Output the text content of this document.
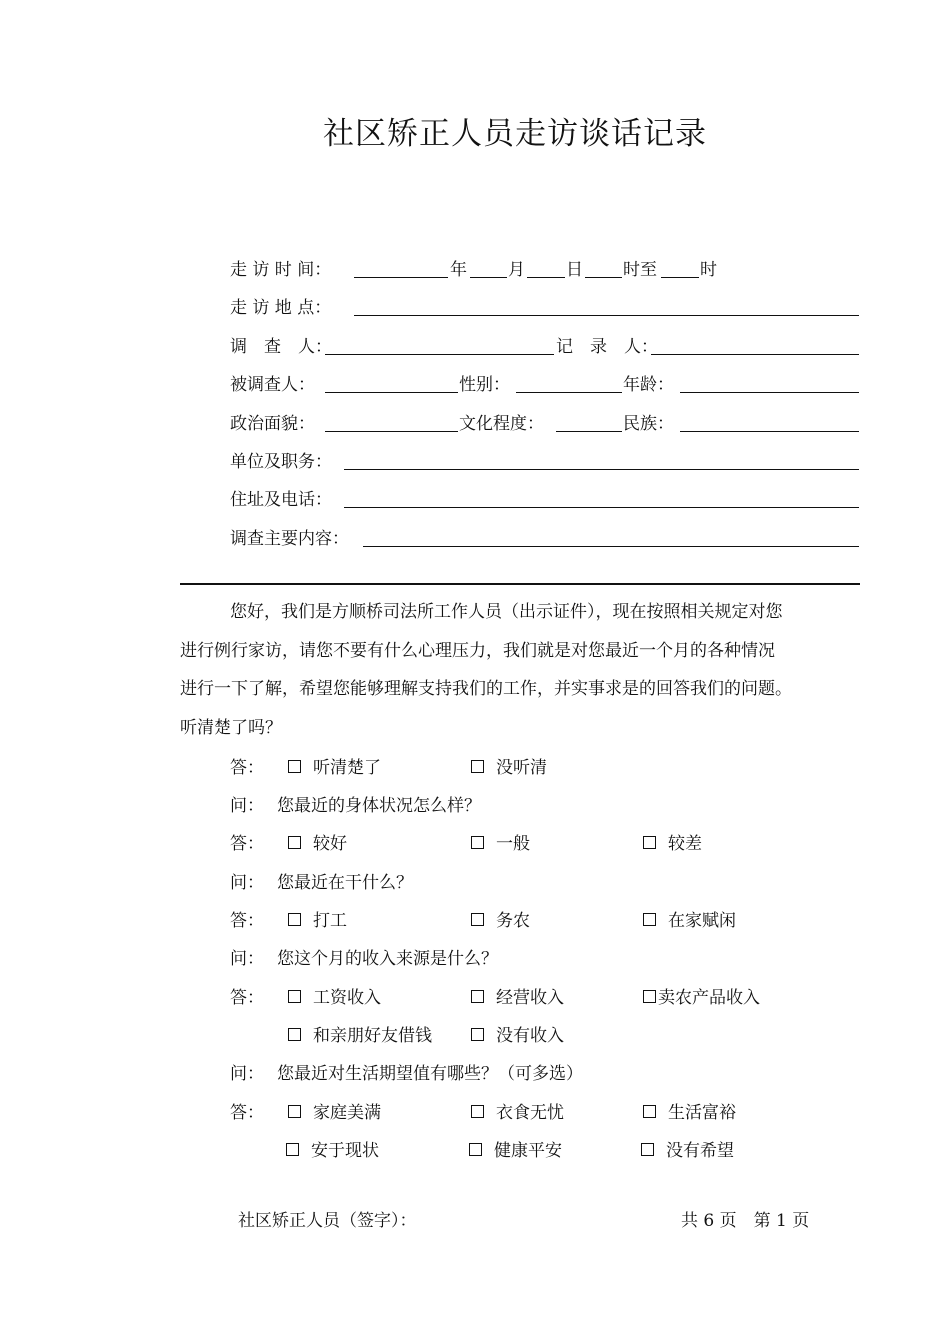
社区矫正人员走访谈话记录
走 访 时 间：	年 月 日 时至	时
走 访 地 点：
调　查　人：	记　录　人：
被调查人：	性别：	年龄：
政治面貌：	文化程度：	民族：
单位及职务：
住址及电话：
调查主要内容：
您好，我们是方顺桥司法所工作人员（出示证件），现在按照相关规定对您
进行例行家访，请您不要有什么心理压力，我们就是对您最近一个月的各种情况
进行一下了解，希望您能够理解支持我们的工作，并实事求是的回答我们的问题。
听清楚了吗？
答：	听清楚了	没听清
问： 您最近的身体状况怎么样？
答：	较好	一般	较差
问： 您最近在干什么？
答：	打工	务农	在家赋闲
问： 您这个月的收入来源是什么？
答：	工资收入	经营收入	卖农产品收入
和亲朋好友借钱	没有收入
问： 您最近对生活期望值有哪些？（可多选）
答：	家庭美满	衣食无忧	生活富裕
安于现状	健康平安	没有希望
社区矫正人员（签字）：	共 6 页　第 1 页
